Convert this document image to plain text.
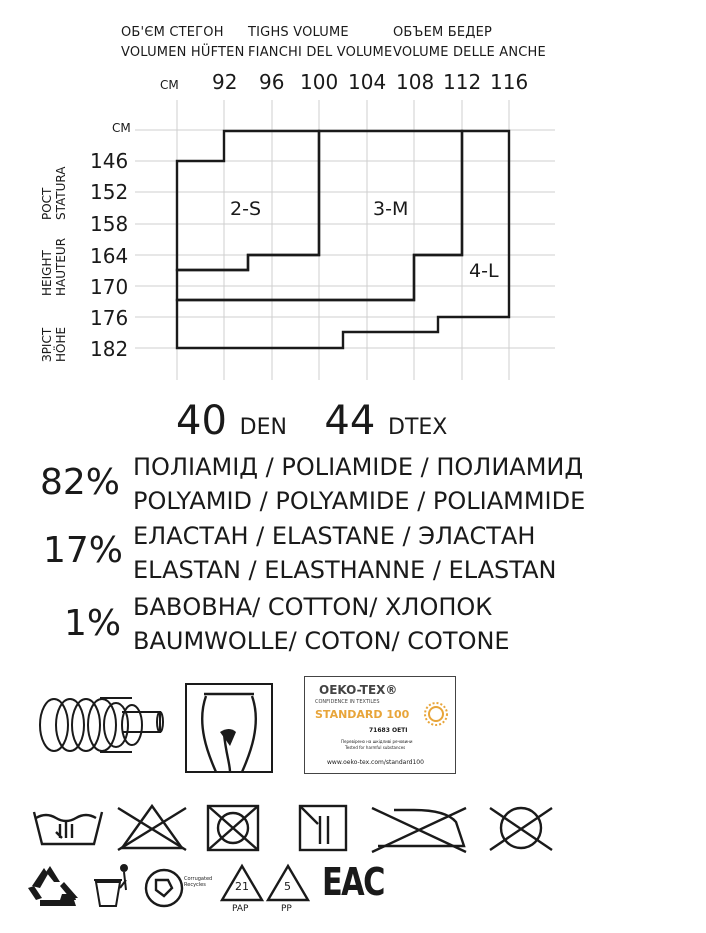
ОБ'ЄМ СТЕГОН
VOLUMEN HÜFTEN
TIGHS VOLUME
FIANCHI DEL VOLUME
ОБЪЕМ БЕДЕР
VOLUME DELLE ANCHE
CM 92 96 100 104 108 112 116
CM
146
152
158
164
170
176
182
РОСТ STATURA
HEIGHT HAUTEUR
ЗРІСТ HÖHE
2-S	3-M
4-L
40 DEN 44 DTEX
82% ПОЛІАМІД / POLIAMIDE / ПОЛИАМИД
POLYAMID / POLYAMIDE / POLIAMMIDE
17% ЕЛАСТАН / ELASTANE / ЭЛАСТАН
ELASTAN / ELASTHANNE / ELASTAN
1% БАВОВНА/ COTTON/ ХЛОПОК
BAUMWOLLE/ COTON/ COTONE
OEKO-TEX®
CONFIDENCE IN TEXTILES
STANDARD 100
71683 OETI
Перевірено на шкідливі речовини
Tested for harmful substances
www.oeko-tex.com/standard100
Corrugated Recycles	21
PAP
5
PP
EAC
